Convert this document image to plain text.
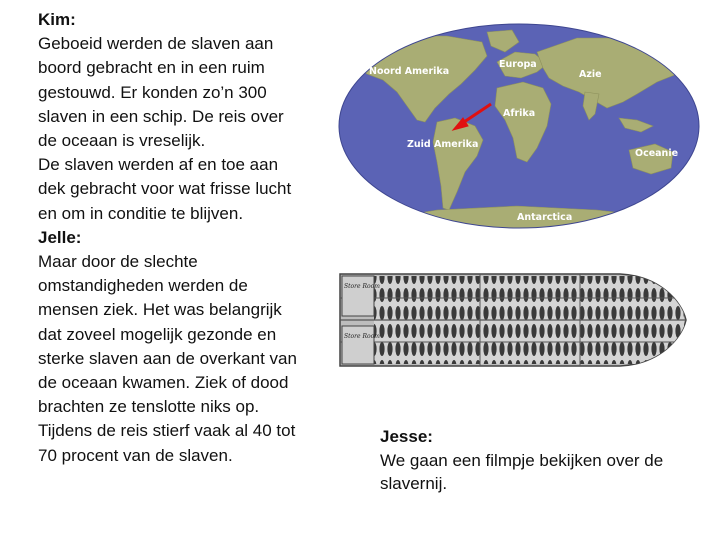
Kim:
Geboeid werden de slaven aan boord gebracht en in een ruim gestouwd. Er konden zo’n 300 slaven in een schip. De reis over de oceaan is vreselijk.
De slaven werden af en toe aan dek gebracht voor wat frisse lucht en om in conditie te blijven.
Jelle:
Maar door de slechte omstandigheden werden de mensen ziek. Het was belangrijk dat zoveel mogelijk gezonde en sterke slaven aan de overkant van de oceaan kwamen. Ziek of dood brachten ze tenslotte niks op.
Tijdens de reis stierf vaak al 40 tot 70 procent van de slaven.
Noord Amerika
Europa
Azie
Afrika
Zuid Amerika
Oceanie
Antarctica
Store Room
Store Room
Jesse:
We gaan een filmpje bekijken over de slavernij.
